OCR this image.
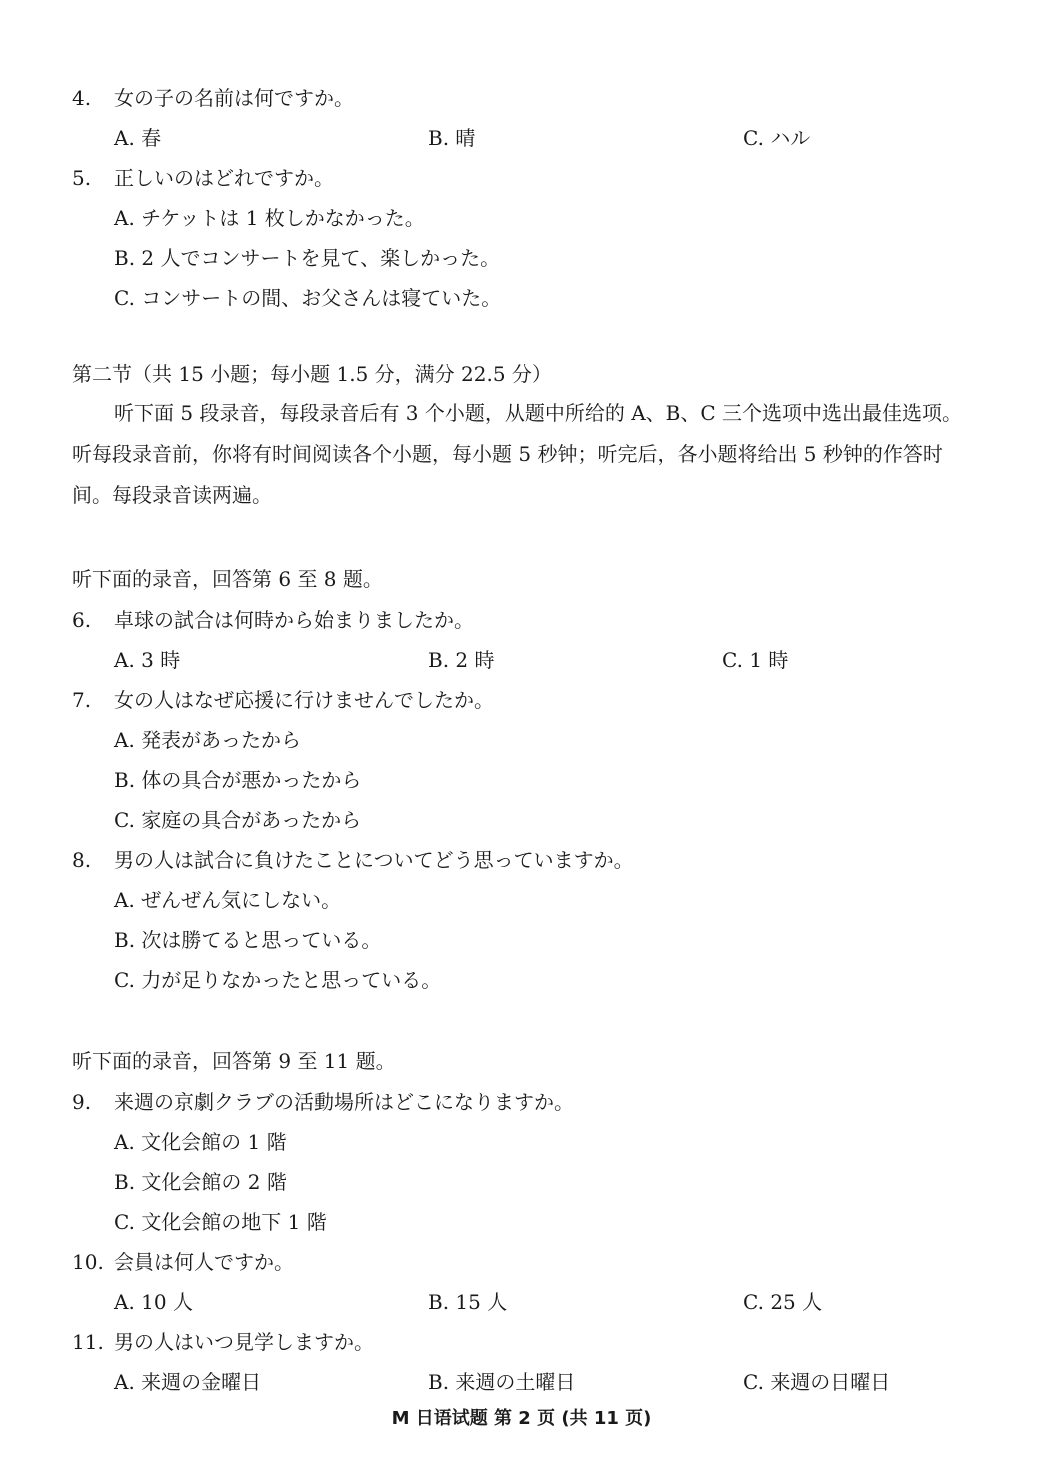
4. 女の子の名前は何ですか。
A. 春	B. 晴	C. ハル
5. 正しいのはどれですか。
A. チケットは 1 枚しかなかった。
B. 2 人でコンサートを見て、楽しかった。
C. コンサートの間、お父さんは寝ていた。
第二节（共 15 小题；每小题 1.5 分，满分 22.5 分）
听下面 5 段录音，每段录音后有 3 个小题，从题中所给的 A、B、C 三个选项中选出最佳选项。听每段录音前，你将有时间阅读各个小题，每小题 5 秒钟；听完后，各小题将给出 5 秒钟的作答时间。每段录音读两遍。
听下面的录音，回答第 6 至 8 题。
6. 卓球の試合は何時から始まりましたか。
A. 3 時	B. 2 時	C. 1 時
7. 女の人はなぜ応援に行けませんでしたか。
A. 発表があったから
B. 体の具合が悪かったから
C. 家庭の具合があったから
8. 男の人は試合に負けたことについてどう思っていますか。
A. ぜんぜん気にしない。
B. 次は勝てると思っている。
C. 力が足りなかったと思っている。
听下面的录音，回答第 9 至 11 题。
9. 来週の京劇クラブの活動場所はどこになりますか。
A. 文化会館の 1 階
B. 文化会館の 2 階
C. 文化会館の地下 1 階
10. 会員は何人ですか。
A. 10 人	B. 15 人	C. 25 人
11. 男の人はいつ見学しますか。
A. 来週の金曜日	B. 来週の土曜日	C. 来週の日曜日
M 日语试题 第 2 页 (共 11 页)
